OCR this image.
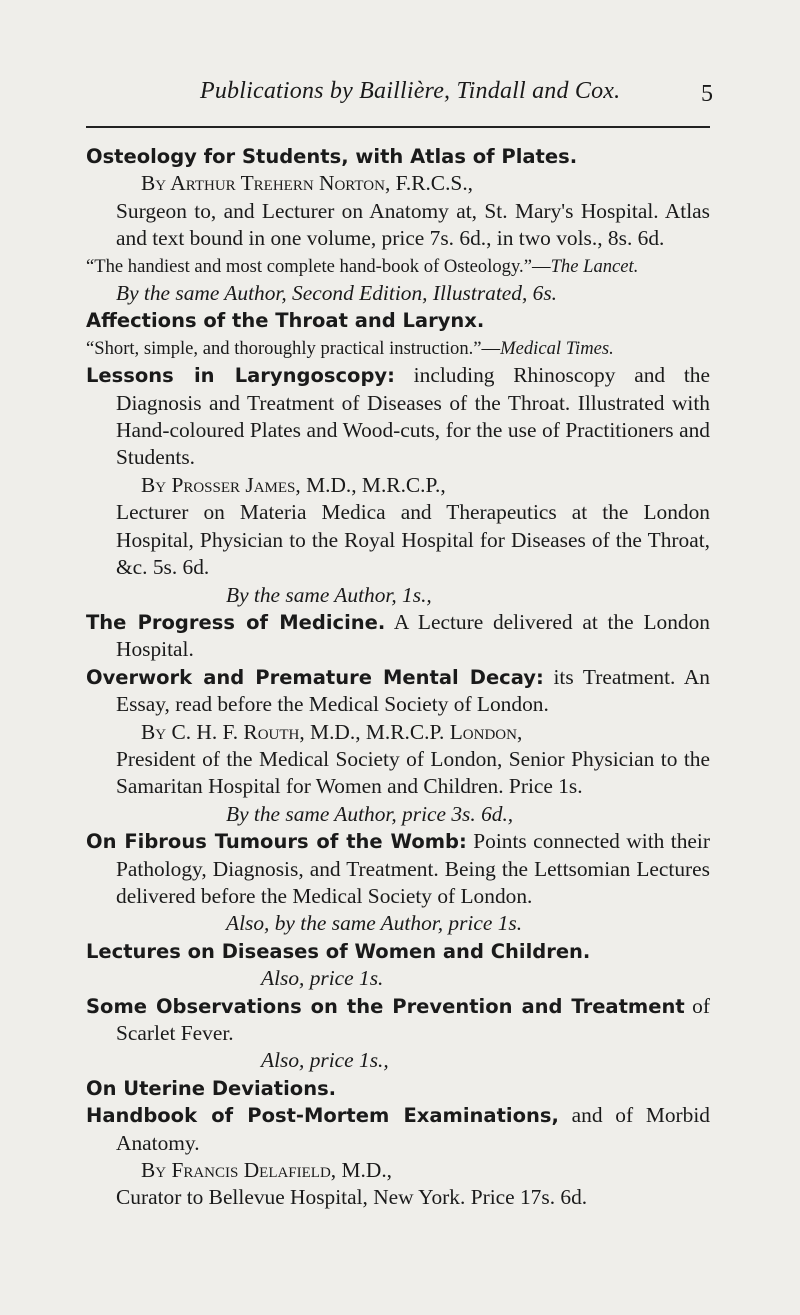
Publications by Baillière, Tindall and Cox.	5

Osteology for Students, with Atlas of Plates.

By Arthur Trehern Norton, F.R.C.S.,

Surgeon to, and Lecturer on Anatomy at, St. Mary's Hospital. Atlas and text bound in one volume, price 7s. 6d., in two vols., 8s. 6d.

“The handiest and most complete hand-book of Osteology.”—The Lancet.

By the same Author, Second Edition, Illustrated, 6s.

Affections of the Throat and Larynx.

“Short, simple, and thoroughly practical instruction.”—Medical Times.

Lessons in Laryngoscopy: including Rhinoscopy and the Diagnosis and Treatment of Diseases of the Throat. Illustrated with Hand-coloured Plates and Wood-cuts, for the use of Practitioners and Students.

By Prosser James, M.D., M.R.C.P.,

Lecturer on Materia Medica and Therapeutics at the London Hospital, Physician to the Royal Hospital for Diseases of the Throat, &c. 5s. 6d.

By the same Author, 1s.,

The Progress of Medicine. A Lecture delivered at the London Hospital.

Overwork and Premature Mental Decay: its Treatment. An Essay, read before the Medical Society of London.

By C. H. F. Routh, M.D., M.R.C.P. London,

President of the Medical Society of London, Senior Physician to the Samaritan Hospital for Women and Children. Price 1s.

By the same Author, price 3s. 6d.,

On Fibrous Tumours of the Womb: Points connected with their Pathology, Diagnosis, and Treatment. Being the Lettsomian Lectures delivered before the Medical Society of London.

Also, by the same Author, price 1s.

Lectures on Diseases of Women and Children.

Also, price 1s.

Some Observations on the Prevention and Treatment of Scarlet Fever.

Also, price 1s.,

On Uterine Deviations.

Handbook of Post-Mortem Examinations, and of Morbid Anatomy.

By Francis Delafield, M.D.,

Curator to Bellevue Hospital, New York. Price 17s. 6d.
